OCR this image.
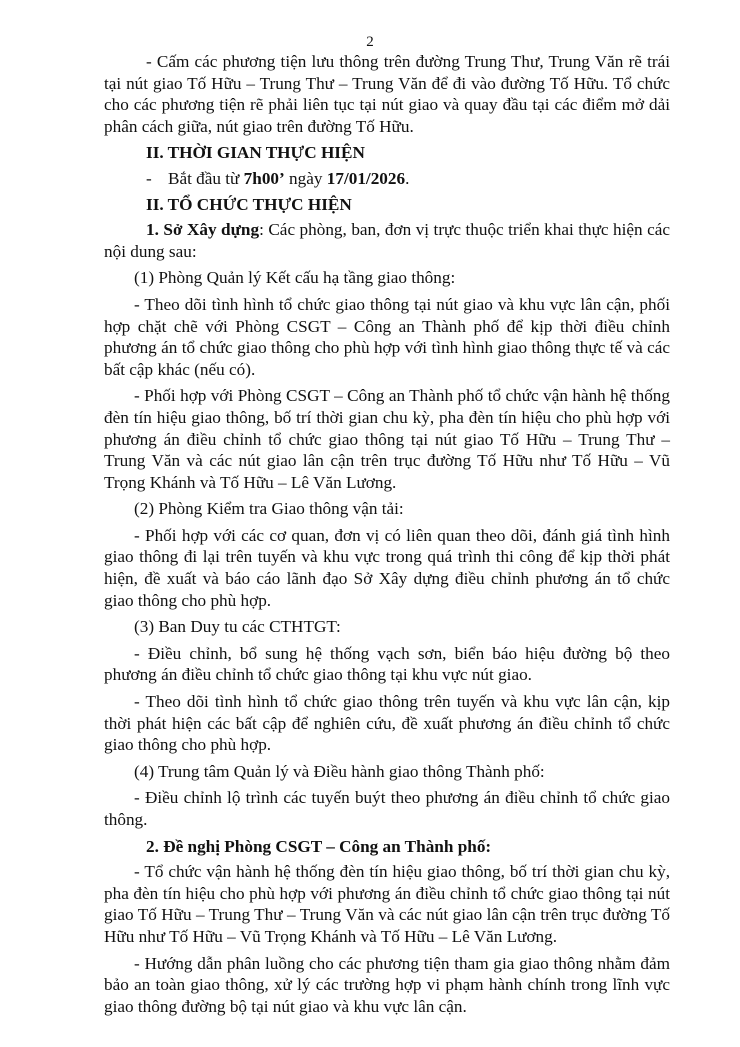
2

- Cấm các phương tiện lưu thông trên đường Trung Thư, Trung Văn rẽ trái tại nút giao Tố Hữu – Trung Thư – Trung Văn để đi vào đường Tố Hữu. Tổ chức cho các phương tiện rẽ phải liên tục tại nút giao và quay đầu tại các điểm mở dải phân cách giữa, nút giao trên đường Tố Hữu.

II. THỜI GIAN THỰC HIỆN
- Bắt đầu từ 7h00’ ngày 17/01/2026.
II. TỔ CHỨC THỰC HIỆN

1. Sở Xây dựng: Các phòng, ban, đơn vị trực thuộc triển khai thực hiện các nội dung sau:

(1) Phòng Quản lý Kết cấu hạ tầng giao thông:

- Theo dõi tình hình tổ chức giao thông tại nút giao và khu vực lân cận, phối hợp chặt chẽ với Phòng CSGT – Công an Thành phố để kịp thời điều chỉnh phương án tổ chức giao thông cho phù hợp với tình hình giao thông thực tế và các bất cập khác (nếu có).

- Phối hợp với Phòng CSGT – Công an Thành phố tổ chức vận hành hệ thống đèn tín hiệu giao thông, bố trí thời gian chu kỳ, pha đèn tín hiệu cho phù hợp với phương án điều chỉnh tổ chức giao thông tại nút giao Tố Hữu – Trung Thư – Trung Văn và các nút giao lân cận trên trục đường Tố Hữu như Tố Hữu – Vũ Trọng Khánh và Tố Hữu – Lê Văn Lương.

(2) Phòng Kiểm tra Giao thông vận tải:

- Phối hợp với các cơ quan, đơn vị có liên quan theo dõi, đánh giá tình hình giao thông đi lại trên tuyến và khu vực trong quá trình thi công để kịp thời phát hiện, đề xuất và báo cáo lãnh đạo Sở Xây dựng điều chỉnh phương án tổ chức giao thông cho phù hợp.

(3) Ban Duy tu các CTHTGT:

- Điều chỉnh, bổ sung hệ thống vạch sơn, biển báo hiệu đường bộ theo phương án điều chỉnh tổ chức giao thông tại khu vực nút giao.

- Theo dõi tình hình tổ chức giao thông trên tuyến và khu vực lân cận, kịp thời phát hiện các bất cập để nghiên cứu, đề xuất phương án điều chỉnh tổ chức giao thông cho phù hợp.

(4) Trung tâm Quản lý và Điều hành giao thông Thành phố:

- Điều chỉnh lộ trình các tuyến buýt theo phương án điều chỉnh tổ chức giao thông.

2. Đề nghị Phòng CSGT – Công an Thành phố:

- Tổ chức vận hành hệ thống đèn tín hiệu giao thông, bố trí thời gian chu kỳ, pha đèn tín hiệu cho phù hợp với phương án điều chỉnh tổ chức giao thông tại nút giao Tố Hữu – Trung Thư – Trung Văn và các nút giao lân cận trên trục đường Tố Hữu như Tố Hữu – Vũ Trọng Khánh và Tố Hữu – Lê Văn Lương.

- Hướng dẫn phân luồng cho các phương tiện tham gia giao thông nhằm đảm bảo an toàn giao thông, xử lý các trường hợp vi phạm hành chính trong lĩnh vực giao thông đường bộ tại nút giao và khu vực lân cận.
